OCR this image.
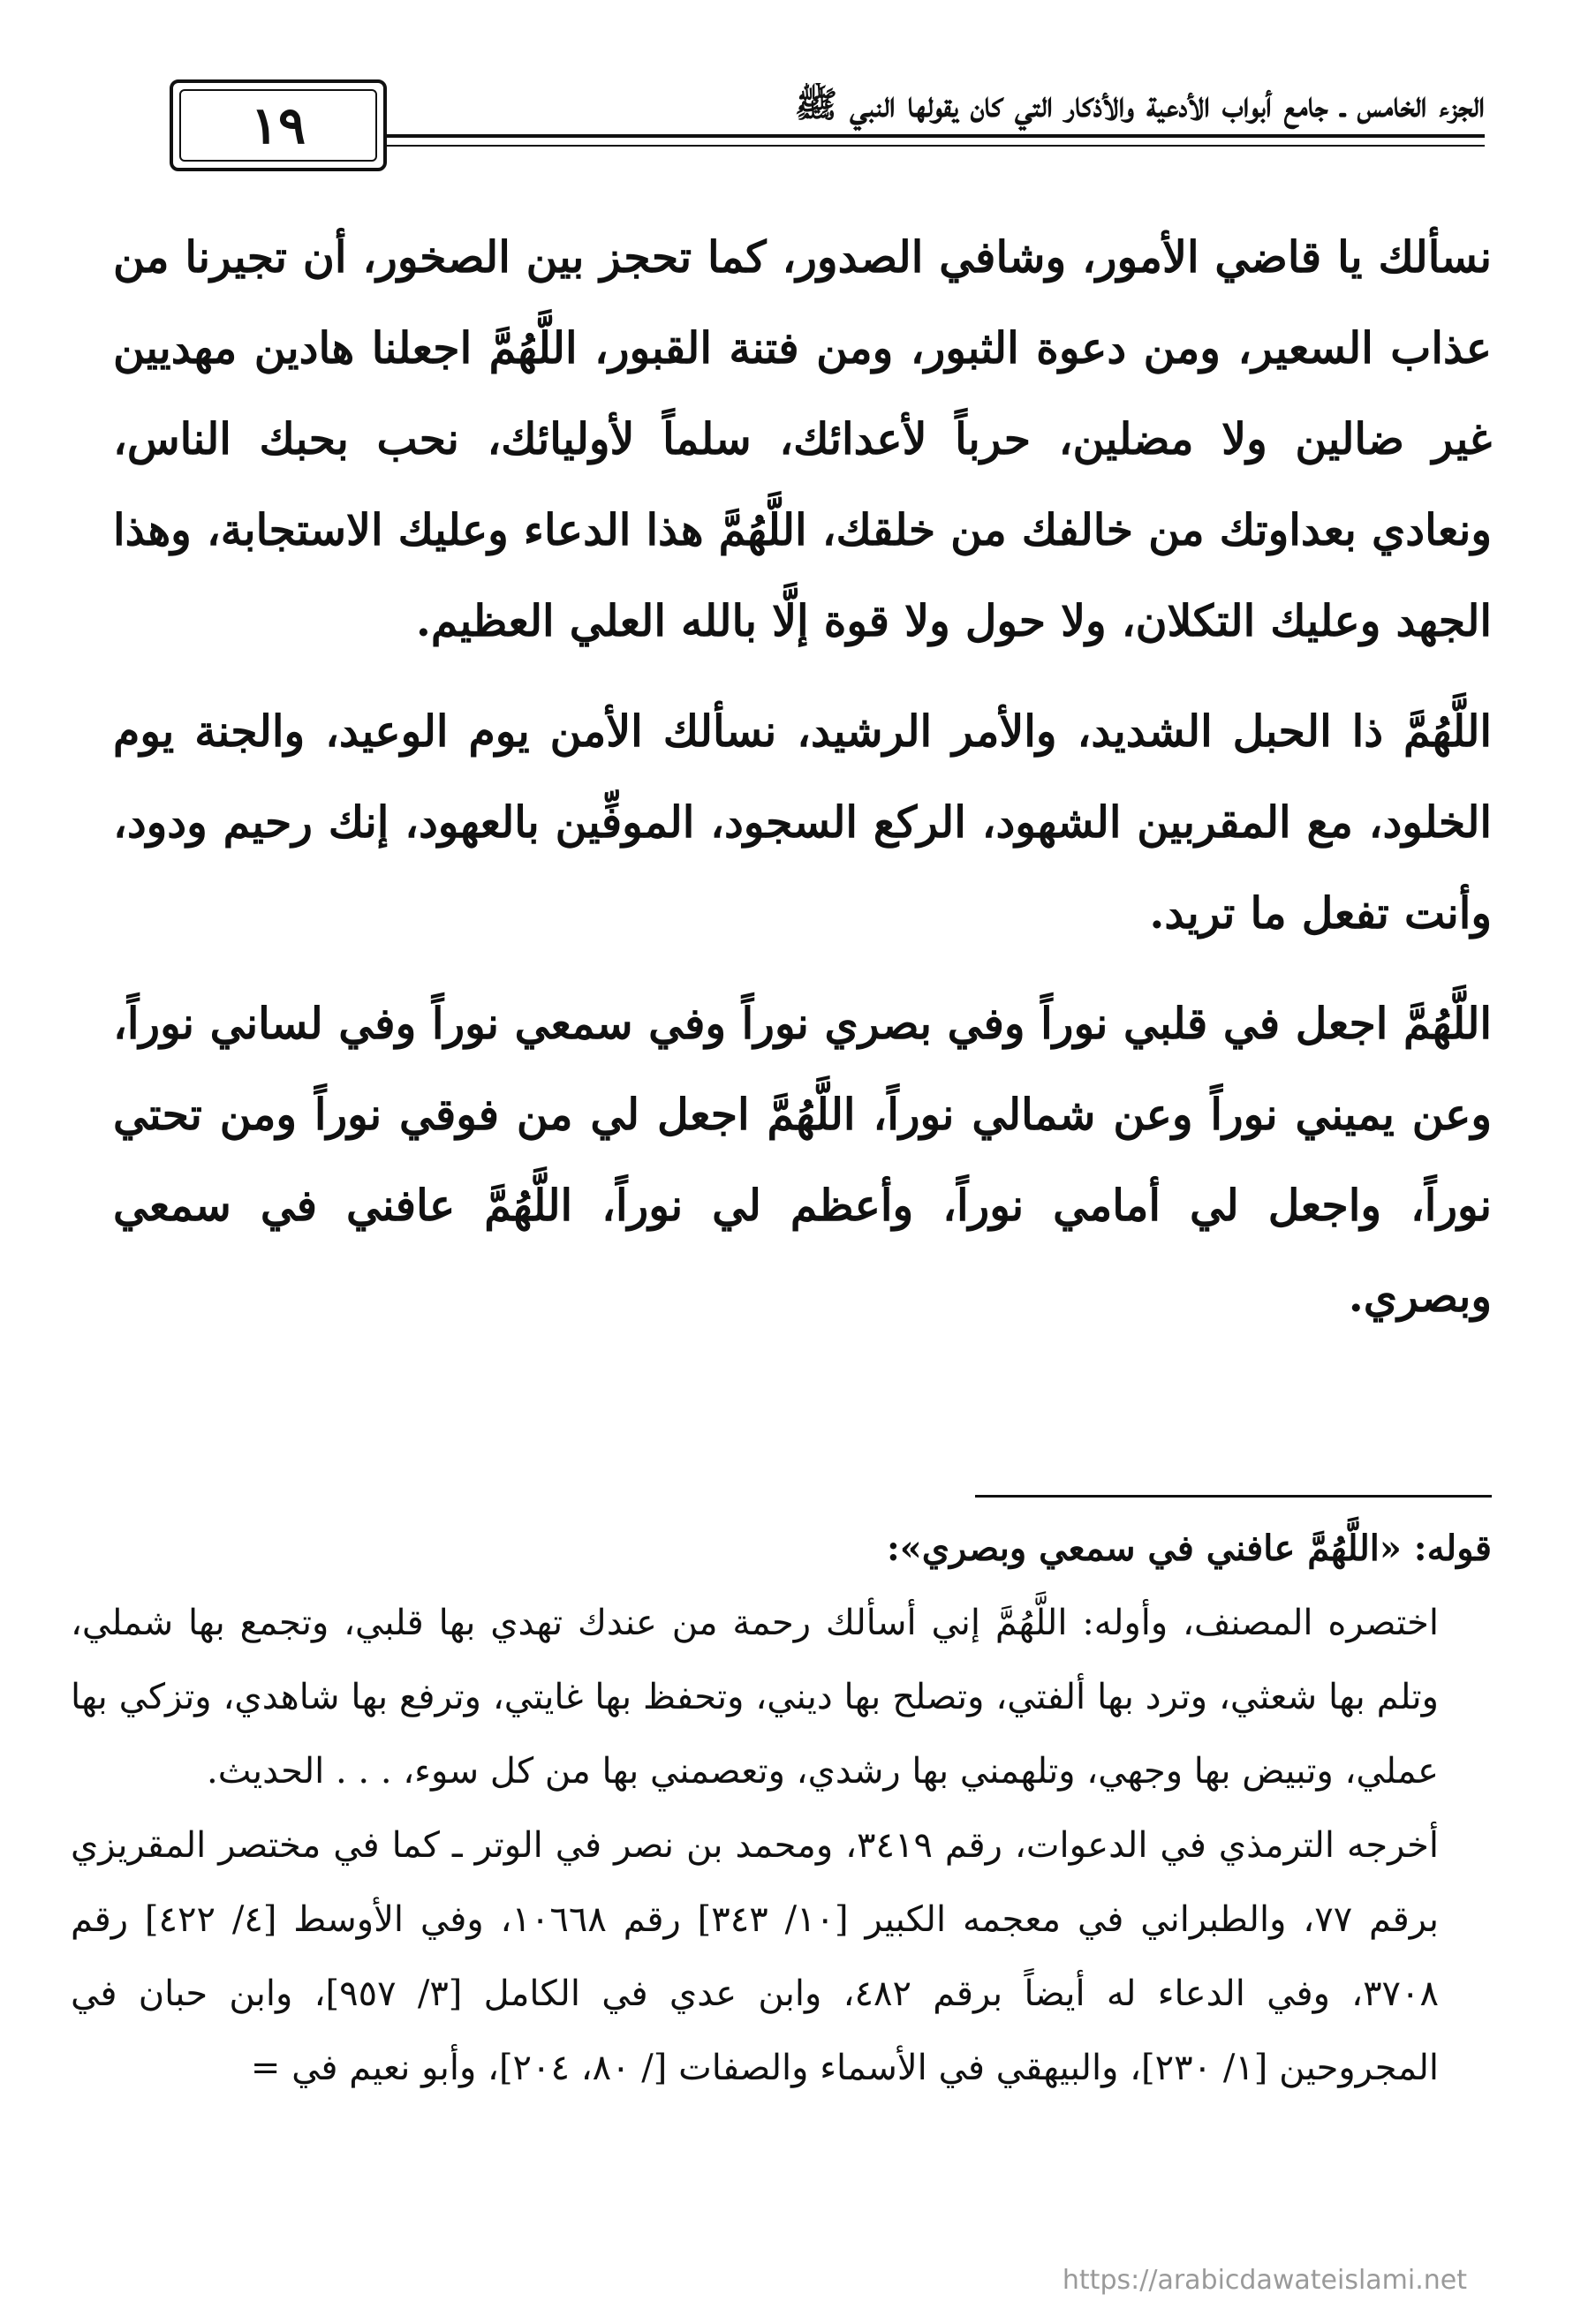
الجزء الخامس ـ جامع أبواب الأدعية والأذكار التي كان يقولها النبي ﷺ
١٩

نسألك يا قاضي الأمور، وشافي الصدور، كما تحجز بين الصخور، أن تجيرنا من عذاب السعير، ومن دعوة الثبور، ومن فتنة القبور، اللَّهُمَّ اجعلنا هادين مهديين غير ضالين ولا مضلين، حرباً لأعدائك، سلماً لأوليائك، نحب بحبك الناس، ونعادي بعداوتك من خالفك من خلقك، اللَّهُمَّ هذا الدعاء وعليك الاستجابة، وهذا الجهد وعليك التكلان، ولا حول ولا قوة إلَّا بالله العلي العظيم.

اللَّهُمَّ ذا الحبل الشديد، والأمر الرشيد، نسألك الأمن يوم الوعيد، والجنة يوم الخلود، مع المقربين الشهود، الركع السجود، الموفِّين بالعهود، إنك رحيم ودود، وأنت تفعل ما تريد.

اللَّهُمَّ اجعل في قلبي نوراً وفي بصري نوراً وفي سمعي نوراً وفي لساني نوراً، وعن يميني نوراً وعن شمالي نوراً، اللَّهُمَّ اجعل لي من فوقي نوراً ومن تحتي نوراً، واجعل لي أمامي نوراً، وأعظم لي نوراً، اللَّهُمَّ عافني في سمعي وبصري.

قوله: «اللَّهُمَّ عافني في سمعي وبصري»:

اختصره المصنف، وأوله: اللَّهُمَّ إني أسألك رحمة من عندك تهدي بها قلبي، وتجمع بها شملي، وتلم بها شعثي، وترد بها ألفتي، وتصلح بها ديني، وتحفظ بها غايتي، وترفع بها شاهدي، وتزكي بها عملي، وتبيض بها وجهي، وتلهمني بها رشدي، وتعصمني بها من كل سوء، . . . الحديث.

أخرجه الترمذي في الدعوات، رقم ٣٤١٩، ومحمد بن نصر في الوتر ـ كما في مختصر المقريزي برقم ٧٧، والطبراني في معجمه الكبير [١٠/ ٣٤٣] رقم ١٠٦٦٨، وفي الأوسط [٤/ ٤٢٢] رقم ٣٧٠٨، وفي الدعاء له أيضاً برقم ٤٨٢، وابن عدي في الكامل [٣/ ٩٥٧]، وابن حبان في المجروحين [١/ ٢٣٠]، والبيهقي في الأسماء والصفات [/ ٨٠، ٢٠٤]، وأبو نعيم في =

https://arabicdawateislami.net
